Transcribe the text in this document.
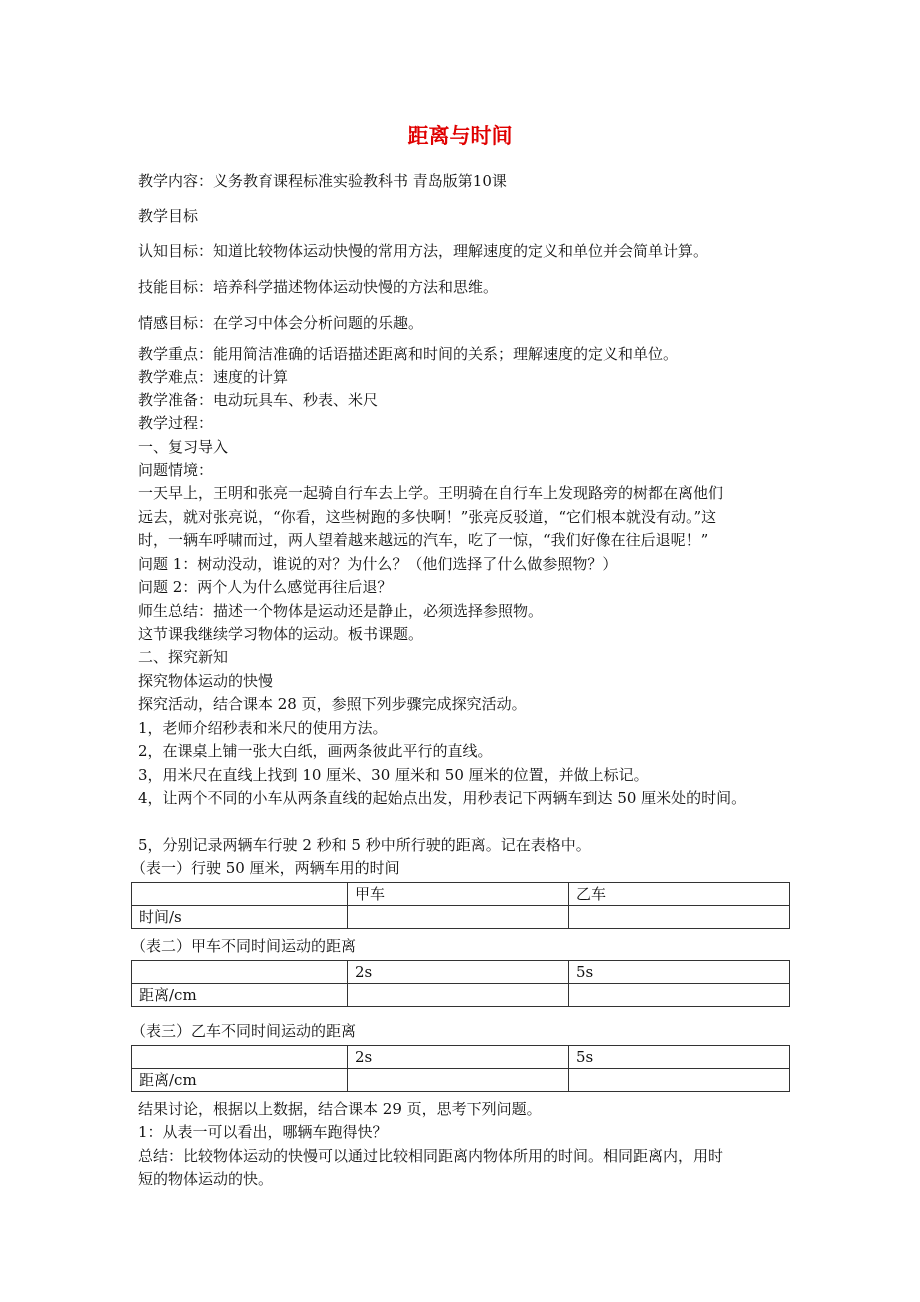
距离与时间
教学内容：义务教育课程标准实验教科书 青岛版第10课
教学目标
认知目标：知道比较物体运动快慢的常用方法，理解速度的定义和单位并会简单计算。
技能目标：培养科学描述物体运动快慢的方法和思维。
情感目标：在学习中体会分析问题的乐趣。
教学重点：能用简洁准确的话语描述距离和时间的关系；理解速度的定义和单位。
教学难点：速度的计算
教学准备：电动玩具车、秒表、米尺
教学过程：
一、复习导入
问题情境：
一天早上，王明和张亮一起骑自行车去上学。王明骑在自行车上发现路旁的树都在离他们
远去，就对张亮说，“你看，这些树跑的多快啊！”张亮反驳道，“它们根本就没有动。”这
时，一辆车呼啸而过，两人望着越来越远的汽车，吃了一惊，“我们好像在往后退呢！”
问题 1：树动没动，谁说的对？为什么？（他们选择了什么做参照物？）
问题 2：两个人为什么感觉再往后退？
师生总结：描述一个物体是运动还是静止，必须选择参照物。
这节课我继续学习物体的运动。板书课题。
二、探究新知
探究物体运动的快慢
探究活动，结合课本 28 页，参照下列步骤完成探究活动。
1，老师介绍秒表和米尺的使用方法。
2，在课桌上铺一张大白纸，画两条彼此平行的直线。
3，用米尺在直线上找到 10 厘米、30 厘米和 50 厘米的位置，并做上标记。
4，让两个不同的小车从两条直线的起始点出发，用秒表记下两辆车到达 50 厘米处的时间。
5，分别记录两辆车行驶 2 秒和 5 秒中所行驶的距离。记在表格中。
（表一）行驶 50 厘米，两辆车用的时间
	甲车	乙车
时间/s		
（表二）甲车不同时间运动的距离
	2s	5s
距离/cm		
（表三）乙车不同时间运动的距离
	2s	5s
距离/cm		
结果讨论，根据以上数据，结合课本 29 页，思考下列问题。
1：从表一可以看出，哪辆车跑得快？
总结：比较物体运动的快慢可以通过比较相同距离内物体所用的时间。相同距离内，用时
短的物体运动的快。
